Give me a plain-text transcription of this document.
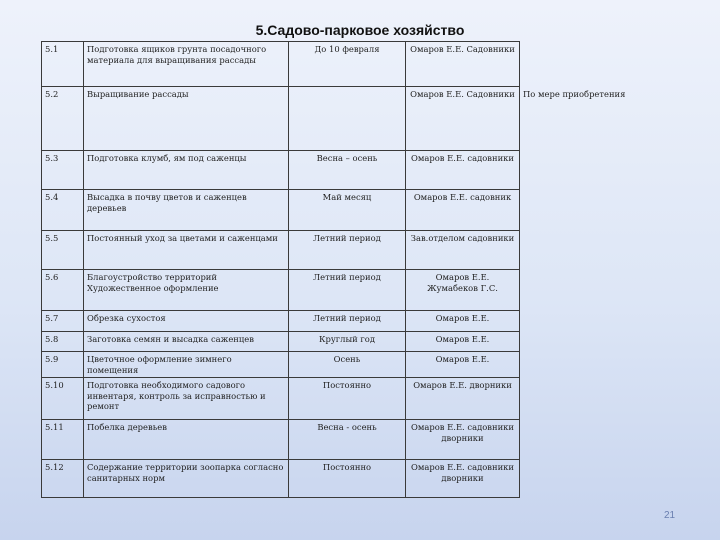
5.Садово-парковое хозяйство
5.1	Подготовка ящиков грунта посадочного материала для выращивания рассады	До 10 февраля	Омаров Е.Е. Садовники	
5.2	Выращивание рассады		Омаров Е.Е. Садовники	По мере приобретения
5.3	Подготовка клумб, ям под саженцы	Весна – осень	Омаров Е.Е. садовники	
5.4	Высадка в почву цветов и саженцев деревьев	Май месяц	Омаров Е.Е. садовник	
5.5	Постоянный уход за цветами и саженцами	Летний период	Зав.отделом садовники	
5.6	Благоустройство территорий Художественное оформление	Летний период	Омаров Е.Е. Жумабеков Г.С.	
5.7	Обрезка сухостоя	Летний период	Омаров Е.Е.	
5.8	Заготовка семян и высадка саженцев	Круглый год	Омаров Е.Е.	
5.9	Цветочное оформление зимнего помещения	Осень	Омаров Е.Е.	
5.10	Подготовка необходимого садового инвентаря, контроль за исправностью и ремонт	Постоянно	Омаров Е.Е. дворники	
5.11	Побелка деревьев	Весна - осень	Омаров Е.Е. садовники дворники	
5.12	Содержание территории зоопарка согласно санитарных норм	Постоянно	Омаров Е.Е. садовники дворники	
21
